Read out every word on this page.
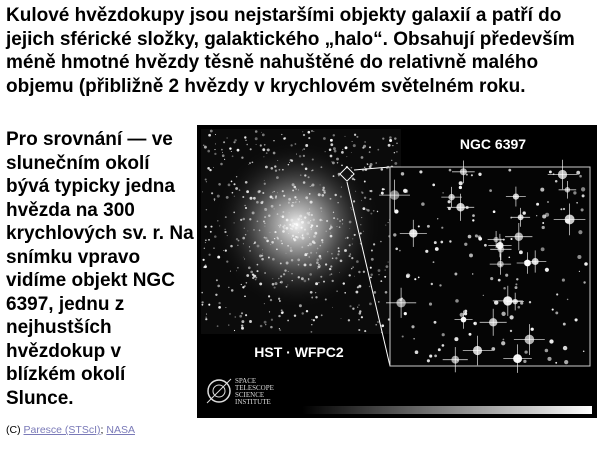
Kulové hvězdokupy jsou nejstaršími objekty galaxií a patří do jejich sférické složky, galaktického „halo“. Obsahují především méně hmotné hvězdy těsně nahuštěné do relativně malého objemu (přibližně 2 hvězdy v krychlovém světelném roku.

Pro srovnání — ve slunečním okolí bývá typicky jedna hvězda na 300 krychlových sv. r. Na snímku vpravo vidíme objekt NGC 6397, jednu z nejhustších hvězdokup v blízkém okolí Slunce.

NGC 6397
HST · WFPC2
SPACE
TELESCOPE
SCIENCE
INSTITUTE
(C) Paresce (STScI); NASA
